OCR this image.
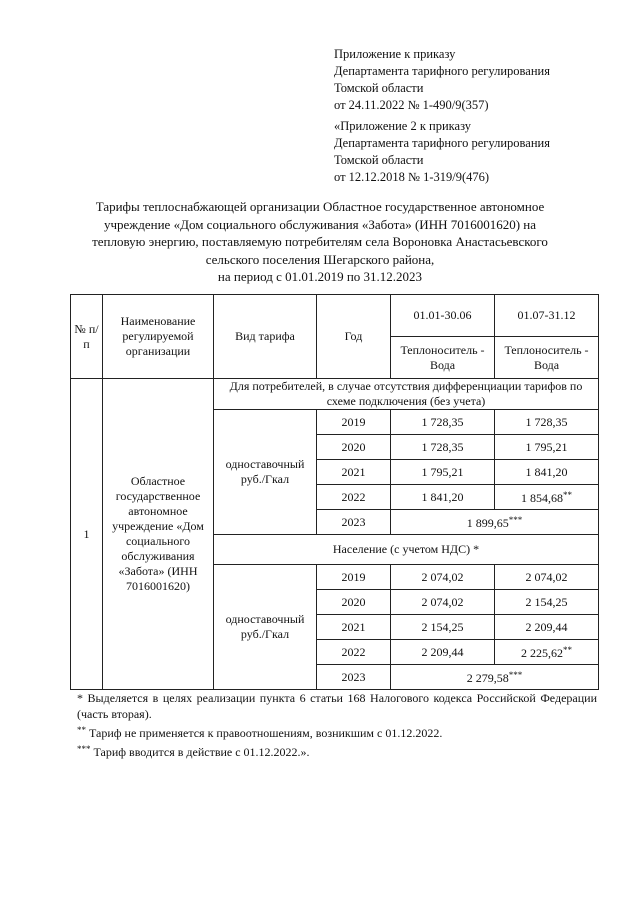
Приложение к приказу
Департамента тарифного регулирования
Томской области
от 24.11.2022 № 1-490/9(357)
«Приложение 2 к приказу
Департамента тарифного регулирования
Томской области
от 12.12.2018 № 1-319/9(476)
Тарифы теплоснабжающей организации Областное государственное автономное
учреждение «Дом социального обслуживания «Забота» (ИНН 7016001620) на
тепловую энергию, поставляемую потребителям села Вороновка Анастасьевского
сельского поселения Шегарского района,
на период с 01.01.2019 по 31.12.2023
№ п/п	Наименование регулируемой организации	Вид тарифа	Год	01.01-30.06	01.07-31.12
				Теплоноситель - Вода	Теплоноситель - Вода
1	Областное государственное автономное учреждение «Дом социального обслуживания «Забота» (ИНН 7016001620)	Для потребителей, в случае отсутствия дифференциации тарифов по схеме подключения (без учета)			
		одноставочный руб./Гкал	2019	1 728,35	1 728,35
			2020	1 728,35	1 795,21
			2021	1 795,21	1 841,20
			2022	1 841,20	1 854,68**
			2023	1 899,65***
		Население (с учетом НДС) *			
		одноставочный руб./Гкал	2019	2 074,02	2 074,02
			2020	2 074,02	2 154,25
			2021	2 154,25	2 209,44
			2022	2 209,44	2 225,62**
			2023	2 279,58***

* Выделяется в целях реализации пункта 6 статьи 168 Налогового кодекса Российской Федерации (часть вторая).

** Тариф не применяется к правоотношениям, возникшим с 01.12.2022.

*** Тариф вводится в действие с 01.12.2022.».
